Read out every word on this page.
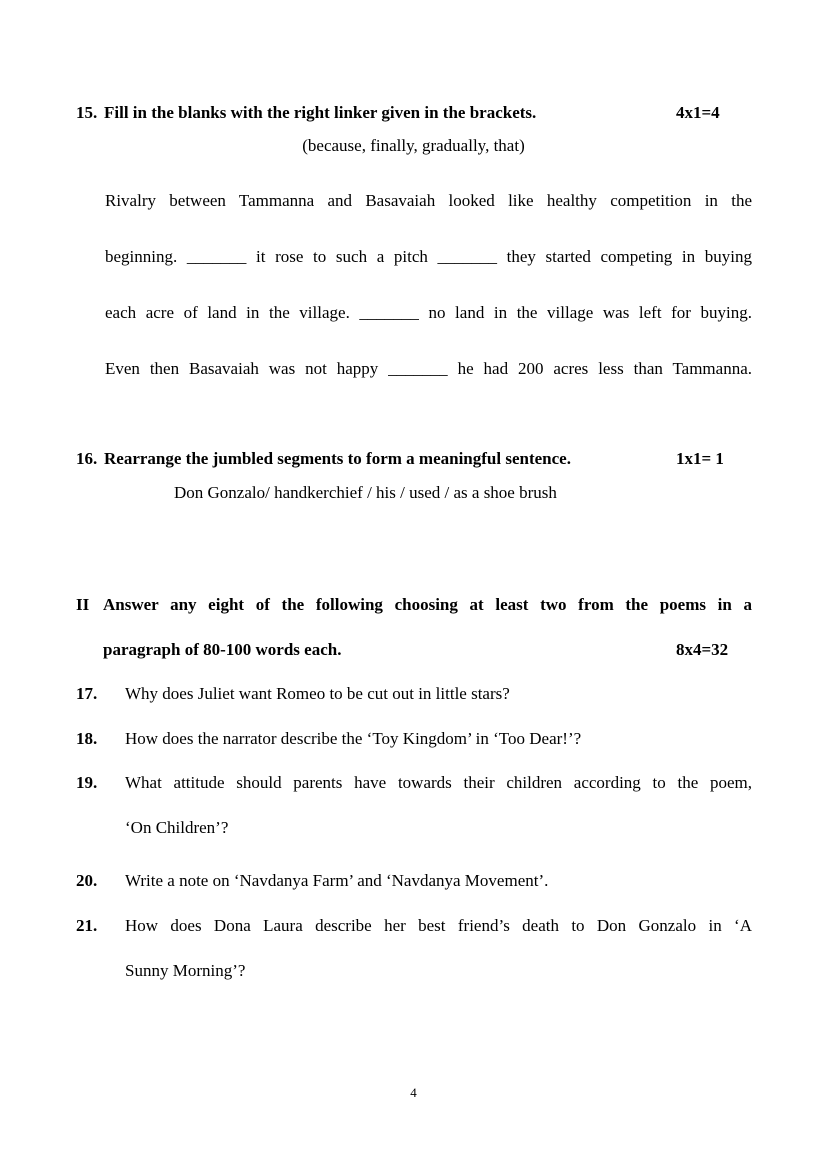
15. Fill in the blanks with the right linker given in the brackets.	4x1=4
(because, finally, gradually, that)
Rivalry between Tammanna and Basavaiah looked like healthy competition in the
beginning. _______ it rose to such a pitch _______ they started competing in buying
each acre of land in the village. _______ no land in the village was left for buying.
Even then Basavaiah was not happy _______ he had 200 acres less than Tammanna.
16. Rearrange the jumbled segments to form a meaningful sentence.	1x1= 1
Don Gonzalo/ handkerchief / his / used / as a shoe brush
II Answer any eight of the following choosing at least two from the poems in a
paragraph of 80-100 words each.	8x4=32
17. Why does Juliet want Romeo to be cut out in little stars?
18. How does the narrator describe the ‘Toy Kingdom’ in ‘Too Dear!’?
19. What attitude should parents have towards their children according to the poem,
‘On Children’?
20. Write a note on ‘Navdanya Farm’ and ‘Navdanya Movement’.
21. How does Dona Laura describe her best friend’s death to Don Gonzalo in ‘A
Sunny Morning’?
4
